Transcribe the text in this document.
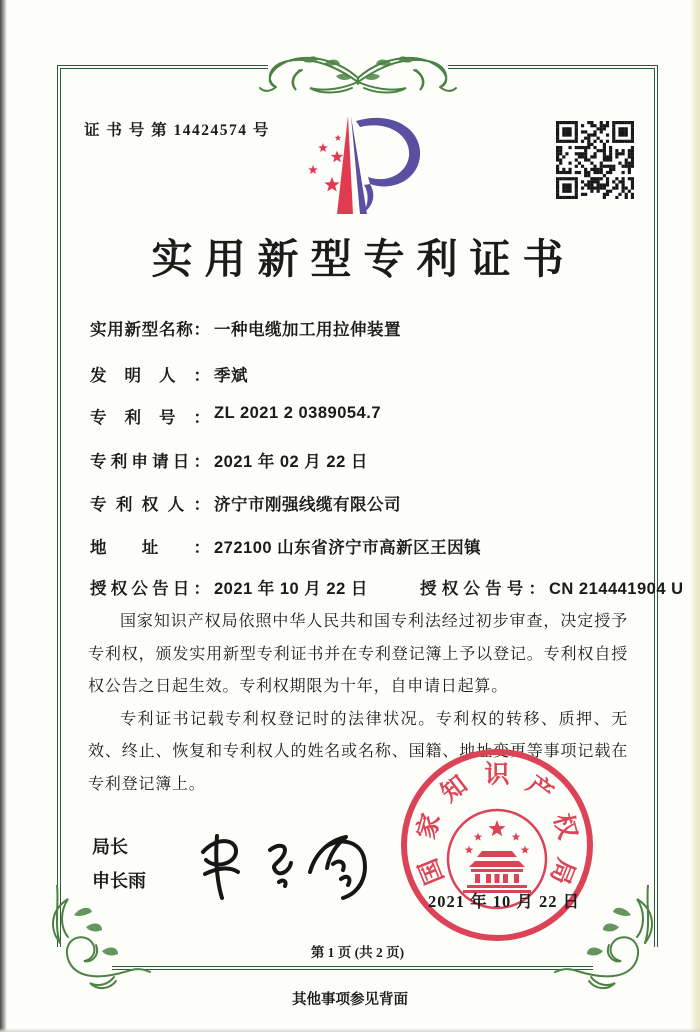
证 书 号 第 14424574 号
实用新型专利证书
实用新型名称： 一种电缆加工用拉伸装置
发明人： 季斌
专利号： ZL 2021 2 0389054.7
专利申请日： 2021 年 02 月 22 日
专利权人： 济宁市刚强线缆有限公司
地址： 272100 山东省济宁市高新区王因镇
授权公告日： 2021 年 10 月 22 日	授权公告号： CN 214441904 U

国家知识产权局依照中华人民共和国专利法经过初步审查，决定授予专利权，颁发实用新型专利证书并在专利登记簿上予以登记。专利权自授权公告之日起生效。专利权期限为十年，自申请日起算。

专利证书记载专利权登记时的法律状况。专利权的转移、质押、无效、终止、恢复和专利权人的姓名或名称、国籍、地址变更等事项记载在专利登记簿上。

局长
申长雨	国
家
知 识 产
权
局
2021 年 10 月 22 日
第 1 页 (共 2 页)
其他事项参见背面
